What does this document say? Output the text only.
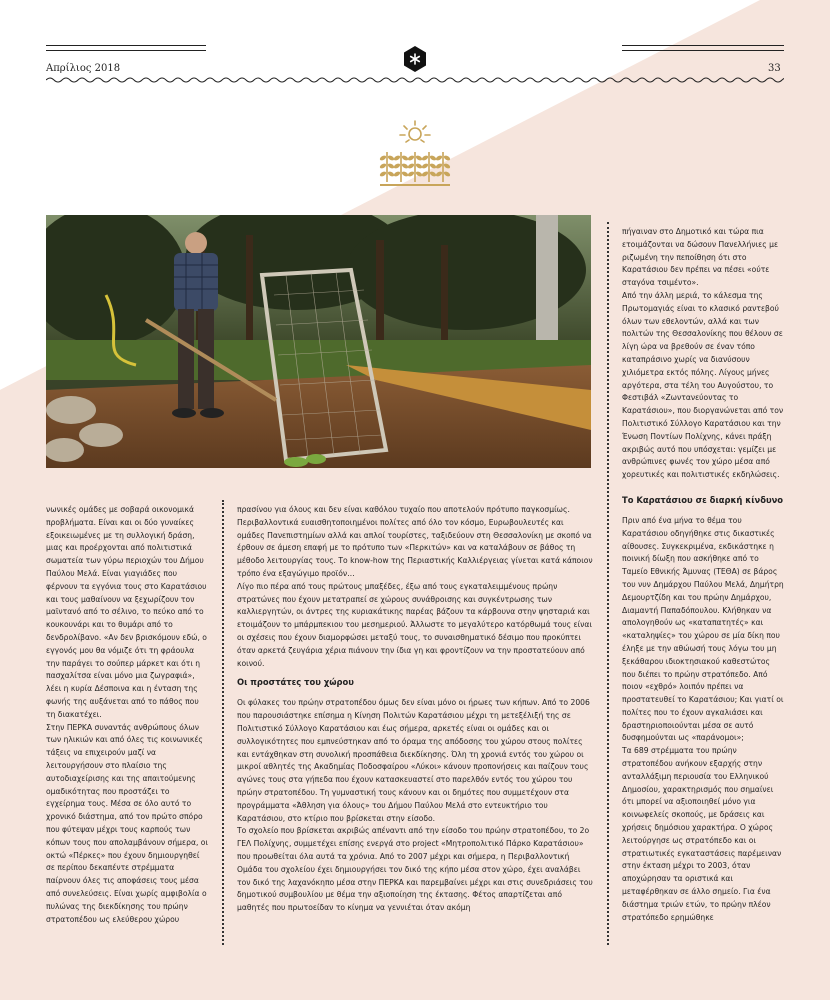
Απρίλιος 2018	33

νωνικές ομάδες με σοβαρά οικονομικά προβλήματα. Είναι και οι δύο γυναίκες εξοικειωμένες με τη συλλογική δράση, μιας και προέρχονται από πολιτιστικά σωματεία των γύρω περιοχών του Δήμου Παύλου Μελά. Είναι γιαγιάδες που φέρνουν τα εγγόνια τους στο Καρατάσιου και τους μαθαίνουν να ξεχωρίζουν τον μαϊντανό από το σέλινο, το πεύκο από το κουκουνάρι και το θυμάρι από το δενδρολίβανο. «Αν δεν βρισκόμουν εδώ, ο εγγονός μου θα νόμιζε ότι τη φράουλα την παράγει το σούπερ μάρκετ και ότι η πασχαλίτσα είναι μόνο μια ζωγραφιά», λέει η κυρία Δέσποινα και η ένταση της φωνής της αυξάνεται από το πάθος που τη διακατέχει.

Στην ΠΕΡΚΑ συναντάς ανθρώπους όλων των ηλικιών και από όλες τις κοινωνικές τάξεις να επιχειρούν μαζί να λειτουργήσουν στο πλαίσιο της αυτοδιαχείρισης και της απαιτούμενης ομαδικότητας που προστάζει το εγχείρημα τους. Μέσα σε όλο αυτό το χρονικό διάστημα, από τον πρώτο σπόρο που φύτεψαν μέχρι τους καρπούς των κόπων τους που απολαμβάνουν σήμερα, οι οκτώ «Πέρκες» που έχουν δημιουργηθεί σε περίπου δεκαπέντε στρέμματα παίρνουν όλες τις αποφάσεις τους μέσα από συνελεύσεις. Είναι χωρίς αμφιβολία ο πυλώνας της διεκδίκησης του πρώην στρατοπέδου ως ελεύθερου χώρου

πρασίνου για όλους και δεν είναι καθόλου τυχαίο που αποτελούν πρότυπο παγκοσμίως. Περιβαλλοντικά ευαισθητοποιημένοι πολίτες από όλο τον κόσμο, Ευρωβουλευτές και ομάδες Πανεπιστημίων αλλά και απλοί τουρίστες, ταξιδεύουν στη Θεσσαλονίκη με σκοπό να έρθουν σε άμεση επαφή με το πρότυπο των «Περκιτών» και να καταλάβουν σε βάθος τη μέθοδο λειτουργίας τους. Το know-how της Περιαστικής Καλλιέργειας γίνεται κατά κάποιον τρόπο ένα εξαγώγιμο προϊόν…

Λίγο πιο πέρα από τους πρώτους μπαξέδες, έξω από τους εγκαταλειμμένους πρώην στρατώνες που έχουν μετατραπεί σε χώρους συνάθροισης και συγκέντρωσης των καλλιεργητών, οι άντρες της κυριακάτικης παρέας βάζουν τα κάρβουνα στην ψησταριά και ετοιμάζουν το μπάρμπεκιου του μεσημεριού. Άλλωστε το μεγαλύτερο κατόρθωμά τους είναι οι σχέσεις που έχουν διαμορφώσει μεταξύ τους, το συναισθηματικό δέσιμο που προκύπτει όταν αρκετά ζευγάρια χέρια πιάνουν την ίδια γη και φροντίζουν να την προστατεύουν από κοινού.

Οι προστάτες του χώρου

Οι φύλακες του πρώην στρατοπέδου όμως δεν είναι μόνο οι ήρωες των κήπων. Από το 2006 που παρουσιάστηκε επίσημα η Κίνηση Πολιτών Καρατάσιου μέχρι τη μετεξέλιξή της σε Πολιτιστικό Σύλλογο Καρατάσιου και έως σήμερα, αρκετές είναι οι ομάδες και οι συλλογικότητες που εμπνεύστηκαν από το όραμα της απόδοσης του χώρου στους πολίτες και εντάχθηκαν στη συνολική προσπάθεια διεκδίκησης. Όλη τη χρονιά εντός του χώρου οι μικροί αθλητές της Ακαδημίας Ποδοσφαίρου «Λύκοι» κάνουν προπονήσεις και παίζουν τους αγώνες τους στα γήπεδα που έχουν κατασκευαστεί στο παρελθόν εντός του χώρου του πρώην στρατοπέδου. Τη γυμναστική τους κάνουν και οι δημότες που συμμετέχουν στα προγράμματα «Άθληση για όλους» του Δήμου Παύλου Μελά στο εντευκτήριο του Καρατάσιου, στο κτίριο που βρίσκεται στην είσοδο.

Το σχολείο που βρίσκεται ακριβώς απέναντι από την είσοδο του πρώην στρατοπέδου, το 2ο ΓΕΛ Πολίχνης, συμμετέχει επίσης ενεργά στο project «Μητροπολιτικό Πάρκο Καρατάσιου» που προωθείται όλα αυτά τα χρόνια. Από το 2007 μέχρι και σήμερα, η Περιβαλλοντική Ομάδα του σχολείου έχει δημιουργήσει τον δικό της κήπο μέσα στον χώρο, έχει αναλάβει τον δικό της λαχανόκηπο μέσα στην ΠΕΡΚΑ και παρεμβαίνει μέχρι και στις συνεδριάσεις του δημοτικού συμβουλίου με θέμα την αξιοποίηση της έκτασης. Φέτος απαρτίζεται από μαθητές που πρωτοείδαν το κίνημα να γεννιέται όταν ακόμη

πήγαιναν στο Δημοτικό και τώρα πια ετοιμάζονται να δώσουν Πανελλήνιες με ριζωμένη την πεποίθηση ότι στο Καρατάσιου δεν πρέπει να πέσει «ούτε σταγόνα τσιμέντο».

Από την άλλη μεριά, το κάλεσμα της Πρωτομαγιάς είναι το κλασικό ραντεβού όλων των εθελοντών, αλλά και των πολιτών της Θεσσαλονίκης που θέλουν σε λίγη ώρα να βρεθούν σε έναν τόπο καταπράσινο χωρίς να διανύσουν χιλιόμετρα εκτός πόλης. Λίγους μήνες αργότερα, στα τέλη του Αυγούστου, το Φεστιβάλ «Ζωντανεύοντας το Καρατάσιου», που διοργανώνεται από τον Πολιτιστικό Σύλλογο Καρατάσιου και την Ένωση Ποντίων Πολίχνης, κάνει πράξη ακριβώς αυτό που υπόσχεται: γεμίζει με ανθρώπινες φωνές τον χώρο μέσα από χορευτικές και πολιτιστικές εκδηλώσεις.

Το Καρατάσιου σε διαρκή κίνδυνο

Πριν από ένα μήνα το θέμα του Καρατάσιου οδηγήθηκε στις δικαστικές αίθουσες. Συγκεκριμένα, εκδικάστηκε η ποινική δίωξη που ασκήθηκε από το Ταμείο Εθνικής Άμυνας (ΤΕΘΑ) σε βάρος του νυν Δημάρχου Παύλου Μελά, Δημήτρη Δεμουρτζίδη και του πρώην Δημάρχου, Διαμαντή Παπαδόπουλου. Κλήθηκαν να απολογηθούν ως «καταπατητές» και «καταληψίες» του χώρου σε μία δίκη που έληξε με την αθώωσή τους λόγω του μη ξεκάθαρου ιδιοκτησιακού καθεστώτος που διέπει το πρώην στρατόπεδο. Από ποιον «εχθρό» λοιπόν πρέπει να προστατευθεί το Καρατάσιου; Και γιατί οι πολίτες που το έχουν αγκαλιάσει και δραστηριοποιούνται μέσα σε αυτό δυσφημούνται ως «παράνομοι»;

Τα 689 στρέμματα του πρώην στρατοπέδου ανήκουν εξαρχής στην ανταλλάξιμη περιουσία του Ελληνικού Δημοσίου, χαρακτηρισμός που σημαίνει ότι μπορεί να αξιοποιηθεί μόνο για κοινωφελείς σκοπούς, με δράσεις και χρήσεις δημόσιου χαρακτήρα. Ο χώρος λειτούργησε ως στρατόπεδο και οι στρατιωτικές εγκαταστάσεις παρέμειναν στην έκταση μέχρι το 2003, όταν αποχώρησαν τα οριστικά και μεταφέρθηκαν σε άλλο σημείο. Για ένα διάστημα τριών ετών, το πρώην πλέον στρατόπεδο ερημώθηκε
